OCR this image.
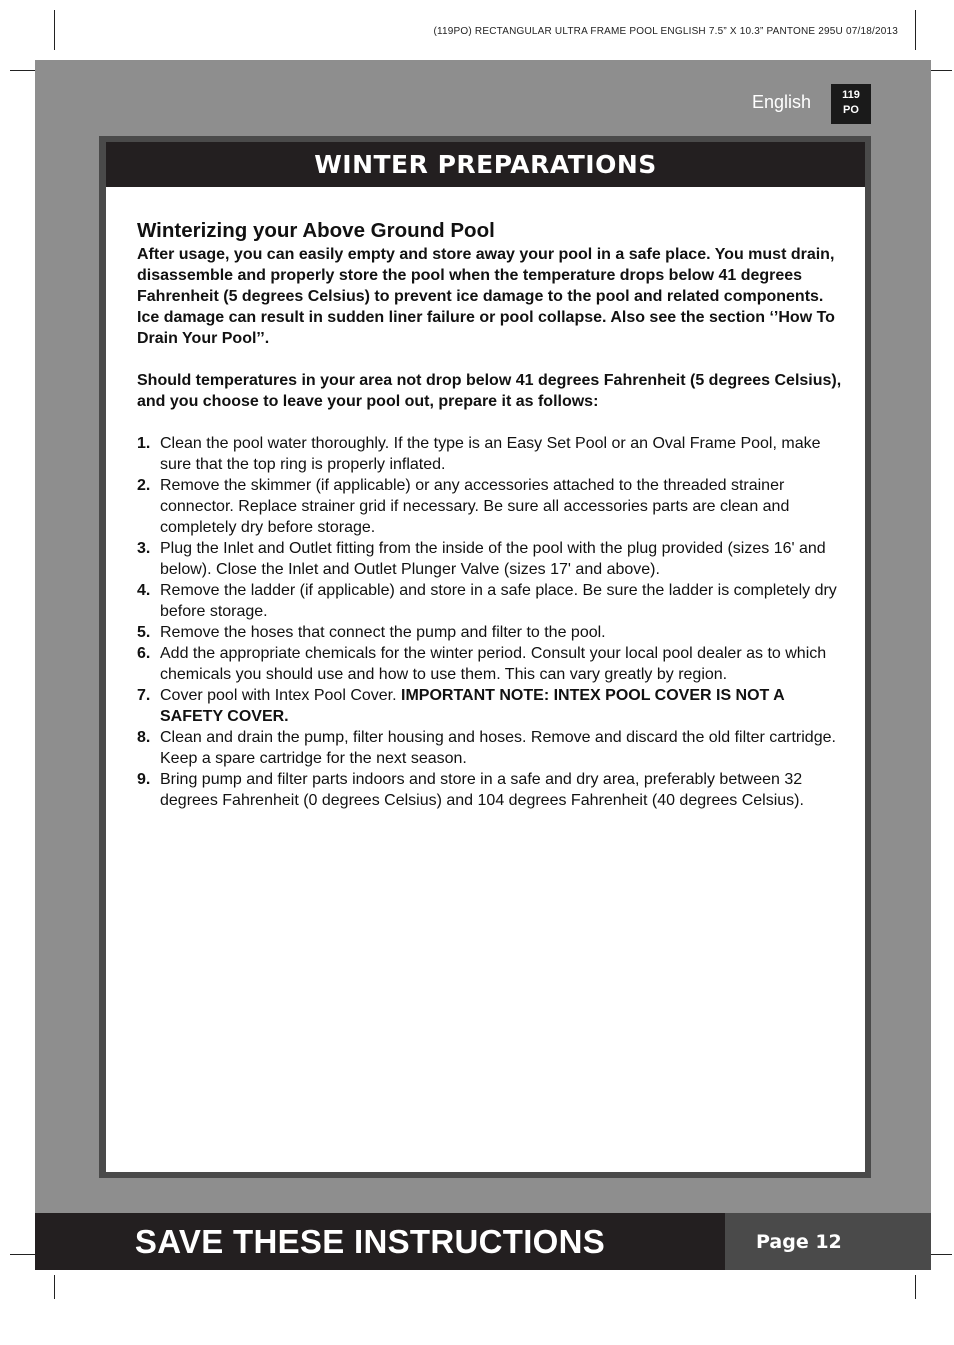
(119PO) RECTANGULAR ULTRA FRAME POOL ENGLISH 7.5” X 10.3” PANTONE 295U 07/18/2013
English	119
PO
WINTER PREPARATIONS
Winterizing your Above Ground Pool

After usage, you can easily empty and store away your pool in a safe place. You must drain, disassemble and properly store the pool when the temperature drops below 41 degrees Fahrenheit (5 degrees Celsius) to prevent ice damage to the pool and related components. Ice damage can result in sudden liner failure or pool collapse. Also see the section ‘’How To Drain Your Pool’’.

Should temperatures in your area not drop below 41 degrees Fahrenheit (5 degrees Celsius), and you choose to leave your pool out, prepare it as follows:

1. Clean the pool water thoroughly. If the type is an Easy Set Pool or an Oval Frame Pool, make sure that the top ring is properly inflated.
2. Remove the skimmer (if applicable) or any accessories attached to the threaded strainer connector. Replace strainer grid if necessary. Be sure all accessories parts are clean and completely dry before storage.
3. Plug the Inlet and Outlet fitting from the inside of the pool with the plug provided (sizes 16' and below). Close the Inlet and Outlet Plunger Valve (sizes 17' and above).
4. Remove the ladder (if applicable) and store in a safe place. Be sure the ladder is completely dry before storage.
5. Remove the hoses that connect the pump and filter to the pool.
6. Add the appropriate chemicals for the winter period. Consult your local pool dealer as to which chemicals you should use and how to use them. This can vary greatly by region.
7. Cover pool with Intex Pool Cover. IMPORTANT NOTE: INTEX POOL COVER IS NOT A SAFETY COVER.
8. Clean and drain the pump, filter housing and hoses. Remove and discard the old filter cartridge. Keep a spare cartridge for the next season.
9. Bring pump and filter parts indoors and store in a safe and dry area, preferably between 32 degrees Fahrenheit (0 degrees Celsius) and 104 degrees Fahrenheit (40 degrees Celsius).
SAVE THESE INSTRUCTIONS	Page 12
